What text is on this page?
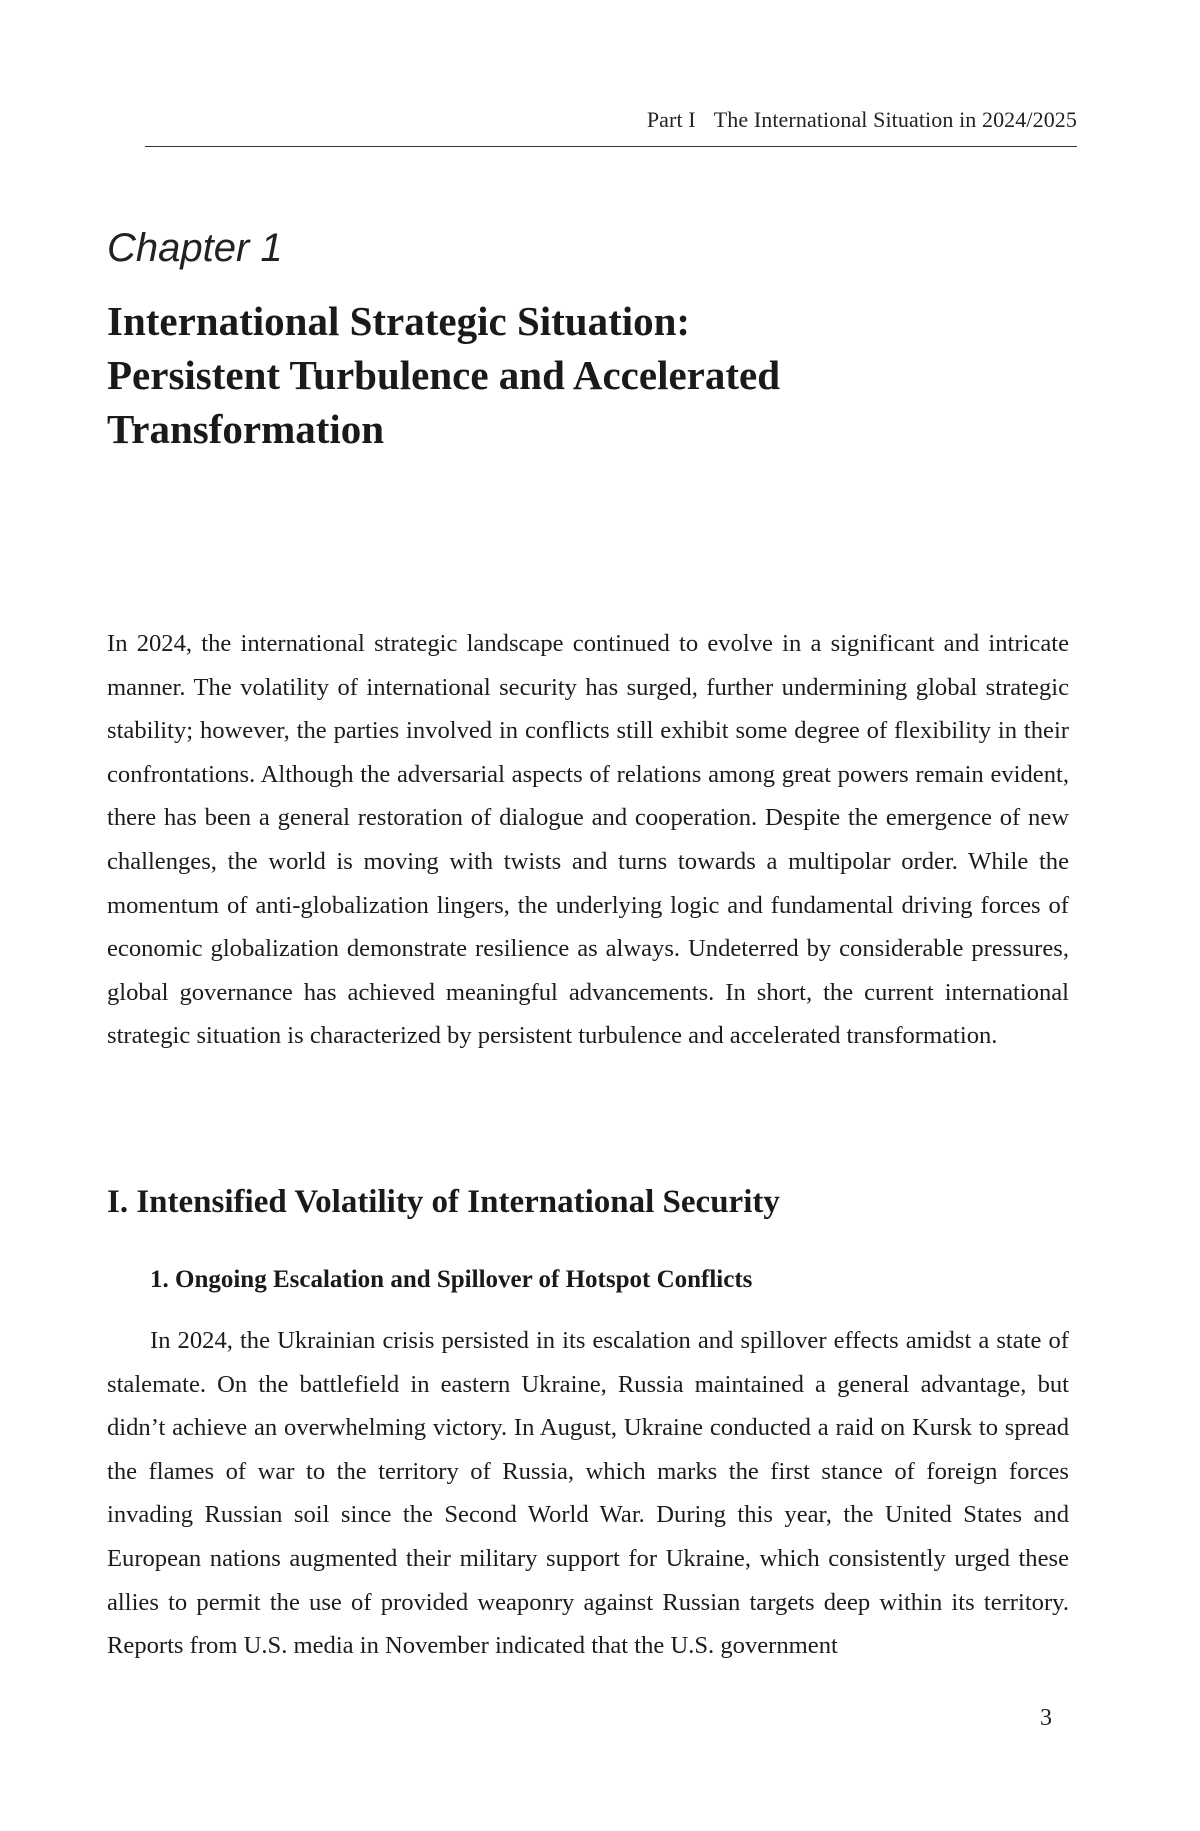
Part I The International Situation in 2024/2025
Chapter 1
International Strategic Situation:
Persistent Turbulence and Accelerated
Transformation

In 2024, the international strategic landscape continued to evolve in a significant and intricate manner. The volatility of international security has surged, further undermining global strategic stability; however, the parties involved in conflicts still exhibit some degree of flexibility in their confrontations. Although the adversarial aspects of relations among great powers remain evident, there has been a general restoration of dialogue and cooperation. Despite the emergence of new challenges, the world is moving with twists and turns towards a multipolar order. While the momentum of anti-globalization lingers, the underlying logic and fundamental driving forces of economic globalization demonstrate resilience as always. Undeterred by considerable pressures, global governance has achieved meaningful advancements. In short, the current international strategic situation is characterized by persistent turbulence and accelerated transformation.

I. Intensified Volatility of International Security
1. Ongoing Escalation and Spillover of Hotspot Conflicts

In 2024, the Ukrainian crisis persisted in its escalation and spillover effects amidst a state of stalemate. On the battlefield in eastern Ukraine, Russia maintained a general advantage, but didn’t achieve an overwhelming victory. In August, Ukraine conducted a raid on Kursk to spread the flames of war to the territory of Russia, which marks the first stance of foreign forces invading Russian soil since the Second World War. During this year, the United States and European nations augmented their military support for Ukraine, which consistently urged these allies to permit the use of provided weaponry against Russian targets deep within its territory. Reports from U.S. media in November indicated that the U.S. government

3
